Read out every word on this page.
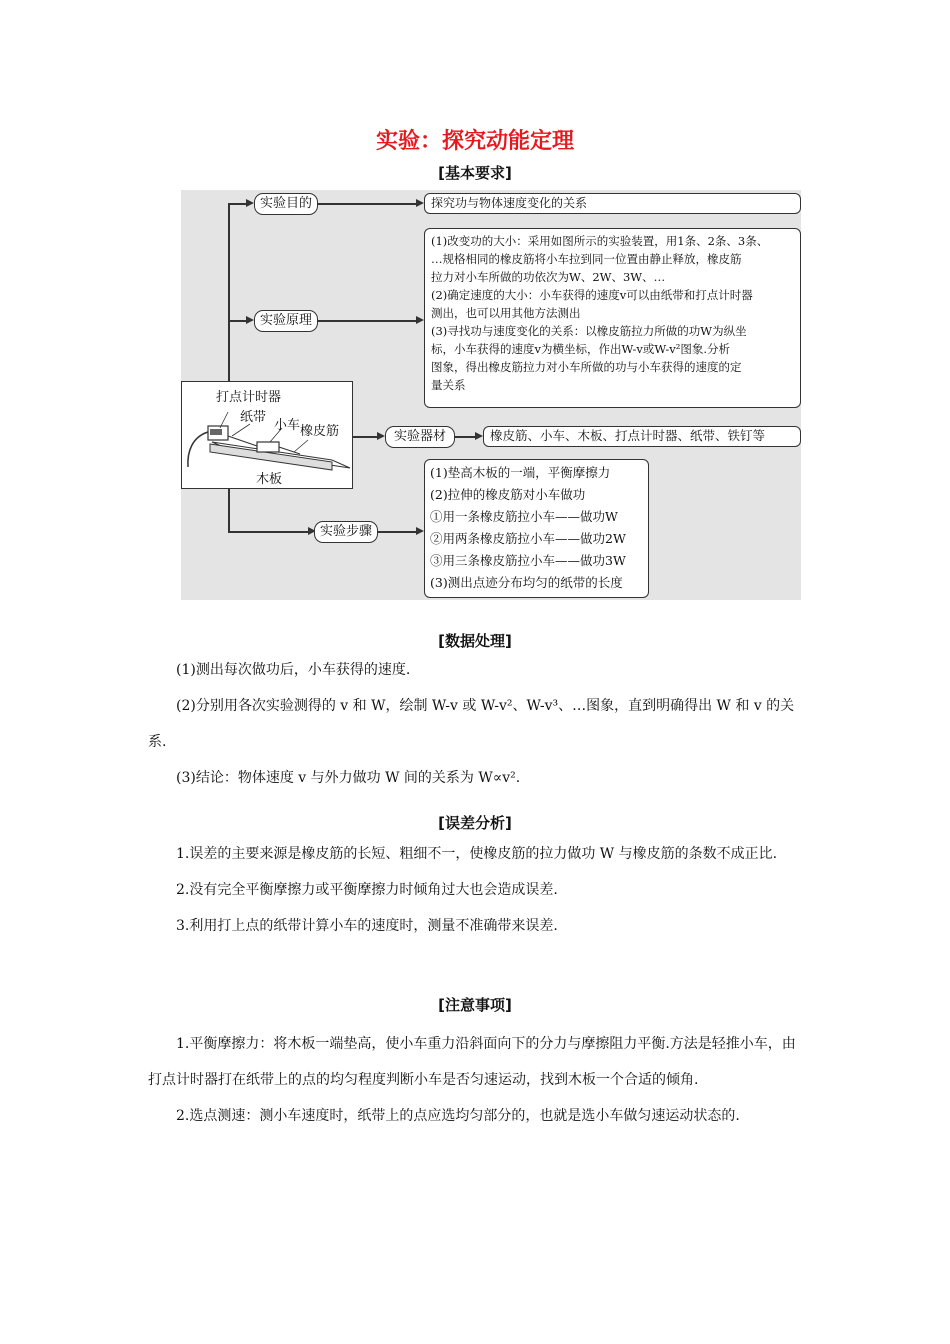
实验：探究动能定理
[基本要求]
实验目的	探究功与物体速度变化的关系
实验原理
(1)改变功的大小：采用如图所示的实验装置，用1条、2条、3条、
…规格相同的橡皮筋将小车拉到同一位置由静止释放，橡皮筋
拉力对小车所做的功依次为W、2W、3W、…
(2)确定速度的大小：小车获得的速度v可以由纸带和打点计时器
测出，也可以用其他方法测出
(3)寻找功与速度变化的关系：以橡皮筋拉力所做的功W为纵坐
标，小车获得的速度v为横坐标，作出W-v或W-v²图象.分析
图象，得出橡皮筋拉力对小车所做的功与小车获得的速度的定
量关系
打点计时器
纸带
小车 橡皮筋
木板
实验器材	橡皮筋、小车、木板、打点计时器、纸带、铁钉等
实验步骤
(1)垫高木板的一端，平衡摩擦力
(2)拉伸的橡皮筋对小车做功
①用一条橡皮筋拉小车——做功W
②用两条橡皮筋拉小车——做功2W
③用三条橡皮筋拉小车——做功3W
(3)测出点迹分布均匀的纸带的长度
[数据处理]

(1)测出每次做功后，小车获得的速度.

(2)分别用各次实验测得的 v 和 W，绘制 W-v 或 W-v²、W-v³、…图象，直到明确得出 W 和 v 的关系.

(3)结论：物体速度 v 与外力做功 W 间的关系为 W∝v².

[误差分析]

1.误差的主要来源是橡皮筋的长短、粗细不一，使橡皮筋的拉力做功 W 与橡皮筋的条数不成正比.

2.没有完全平衡摩擦力或平衡摩擦力时倾角过大也会造成误差.

3.利用打上点的纸带计算小车的速度时，测量不准确带来误差.

[注意事项]

1.平衡摩擦力：将木板一端垫高，使小车重力沿斜面向下的分力与摩擦阻力平衡.方法是轻推小车，由打点计时器打在纸带上的点的均匀程度判断小车是否匀速运动，找到木板一个合适的倾角.

2.选点测速：测小车速度时，纸带上的点应选均匀部分的，也就是选小车做匀速运动状态的.
